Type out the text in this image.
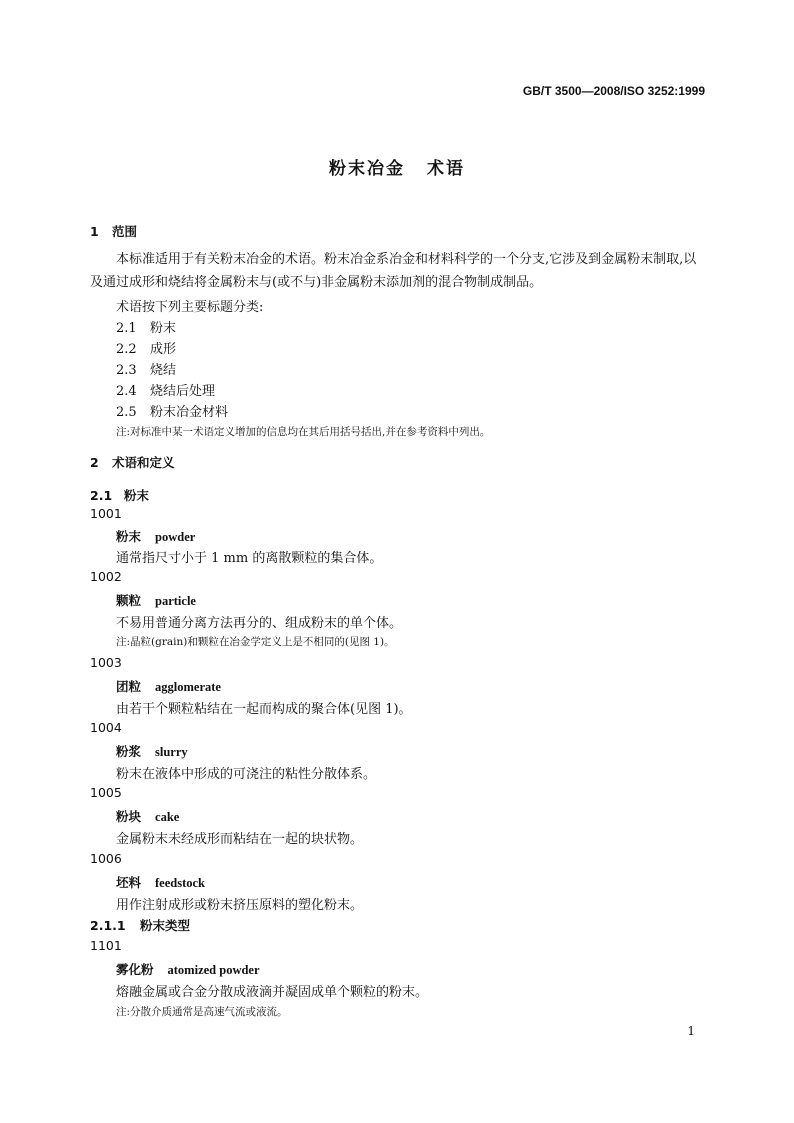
GB/T 3500—2008/ISO 3252:1999
粉末冶金 术语
1 范围
本标准适用于有关粉末冶金的术语。粉末冶金系冶金和材料科学的一个分支,它涉及到金属粉末制取,以及通过成形和烧结将金属粉末与(或不与)非金属粉末添加剂的混合物制成制品。
术语按下列主要标题分类:
2.1 粉末
2.2 成形
2.3 烧结
2.4 烧结后处理
2.5 粉末冶金材料
注:对标准中某一术语定义增加的信息均在其后用括号括出,并在参考资料中列出。
2 术语和定义
2.1 粉末
1001
粉末 powder
通常指尺寸小于 1 mm 的离散颗粒的集合体。
1002
颗粒 particle
不易用普通分离方法再分的、组成粉末的单个体。
注:晶粒(grain)和颗粒在冶金学定义上是不相同的(见图 1)。
1003
团粒 agglomerate
由若干个颗粒粘结在一起而构成的聚合体(见图 1)。
1004
粉浆 slurry
粉末在液体中形成的可浇注的粘性分散体系。
1005
粉块 cake
金属粉末未经成形而粘结在一起的块状物。
1006
坯料 feedstock
用作注射成形或粉末挤压原料的塑化粉末。
2.1.1 粉末类型
1101
雾化粉 atomized powder
熔融金属或合金分散成液滴并凝固成单个颗粒的粉末。
注:分散介质通常是高速气流或液流。
1
